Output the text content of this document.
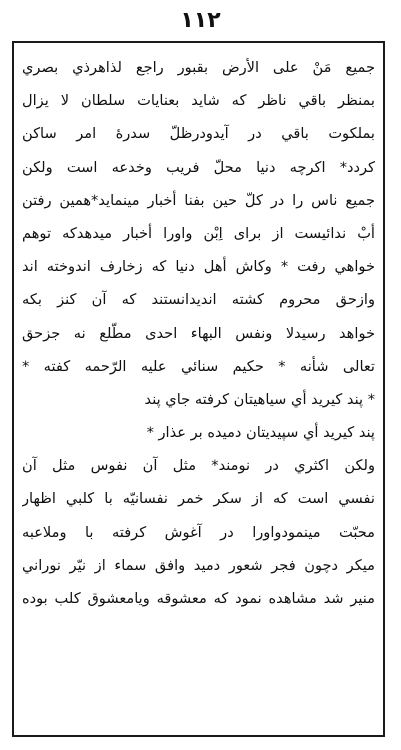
١١٢
جميع مَنْ على الأرض بقبور راجع لذاهرذي بصري
بمنظر باقي ناظر كه شايد بعنايات سلطان لا يزال
بملكوت باقي در آيدودرظلّ سدرهٔ امر ساكن
كردد* اكرچه دنيا محلّ فريب وخدعه است ولكن
جميع ناس را در كلّ حين بفنا أخبار مينمايد*همين رفتن
أبْ ندائيست از براى اِبْن واورا أخبار ميدهدكه توهم
خواهي رفت * وكاش أهل دنيا كه زخارف اندوخته اند
وازحق محروم كشته انديدانستند كه آن كنز بكه
خواهد رسيدلا ونفس البهاء احدى مطّلع نه جزحق
تعالى شأنه * حكيم سنائي عليه الرّحمه كفته *
* پند كيريد أي سياهيتان كرفته جاي پند
پند كيريد أي سپيديتان دميده بر عذار *
ولكن اكثري در نومند* مثل آن نفوس مثل آن
نفسي است كه از سكر خمر نفسانيّه با كلبي اظهار
محبّت مينمودواورا در آغوش كرفته با وملاعبه
ميكر دچون فجر شعور دميد وافق سماء از نيّر نوراني
منير شد مشاهده نمود كه معشوقه ويامعشوق كلب بوده
